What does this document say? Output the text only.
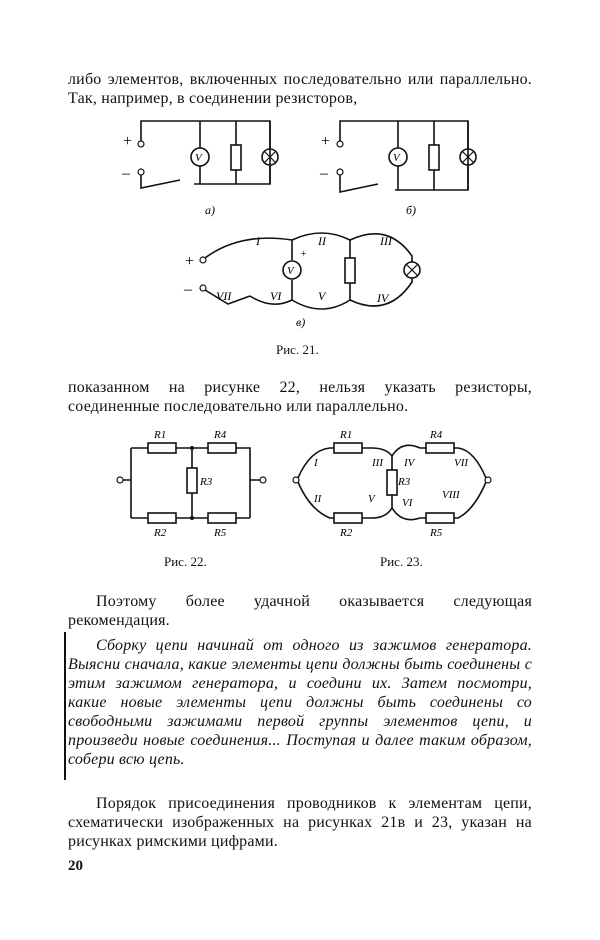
либо элементов, включенных последовательно или параллельно. Так, например, в соединении резисторов,
+
–
V
а)
+
–
V
б)
+
–
V
+
I	II	III
IV
V
VI
VII
в)
Рис. 21.
показанном на рисунке 22, нельзя указать резисторы, соединенные последовательно или параллельно.
R1	R4
R3
R2	R5
R1	R4
R3
R2	R5
I
II
III IV
V VI
VII
VIII
Рис. 22.	Рис. 23.
Поэтому более удачной оказывается следующая рекомендация.
Сборку цепи начинай от одного из зажимов генератора. Выясни сначала, какие элементы цепи должны быть соединены с этим зажимом генератора, и соедини их. Затем посмотри, какие новые элементы цепи должны быть соединены со свободными зажимами первой группы элементов цепи, и произведи новые соединения... Поступая и далее таким образом, собери всю цепь.
Порядок присоединения проводников к элементам цепи, схематически изображенных на рисунках 21в и 23, указан на рисунках римскими цифрами.
20
